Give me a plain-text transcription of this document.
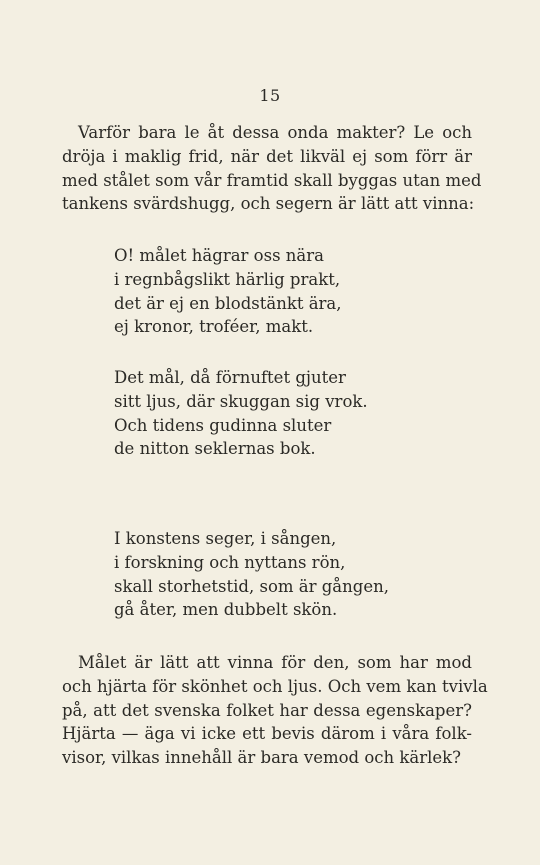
15

Varför bara le åt dessa onda makter? Le och
dröja i maklig frid, när det likväl ej som förr är
med stålet som vår framtid skall byggas utan med
tankens svärdshugg, och segern är lätt att vinna:

O! målet hägrar oss nära
i regnbågslikt härlig prakt,
det är ej en blodstänkt ära,
ej kronor, troféer, makt.
Det mål, då förnuftet gjuter
sitt ljus, där skuggan sig vrok.
Och tidens gudinna sluter
de nitton seklernas bok.
I konstens seger, i sången,
i forskning och nyttans rön,
skall storhetstid, som är gången,
gå åter, men dubbelt skön.

Målet är lätt att vinna för den, som har mod
och hjärta för skönhet och ljus. Och vem kan tvivla
på, att det svenska folket har dessa egenskaper?
Hjärta — äga vi icke ett bevis därom i våra folk-
visor, vilkas innehåll är bara vemod och kärlek?
